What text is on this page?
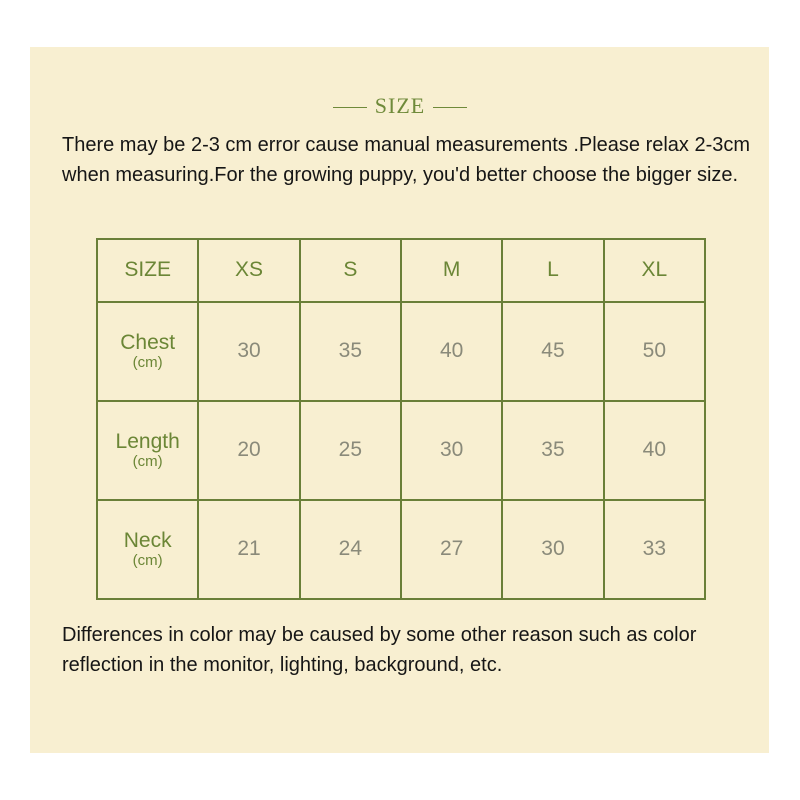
SIZE
There may be 2-3 cm error cause manual measurements .Please relax 2-3cm when measuring.For the growing puppy, you'd better choose the bigger size.
SIZE	XS	S	M	L	XL

Chest
(cm)	30	35	40	45	50

Length
(cm)	20	25	30	35	40

Neck
(cm)	21	24	27	30	33
Differences in color may be caused by some other reason such as color reflection in the monitor, lighting, background, etc.
